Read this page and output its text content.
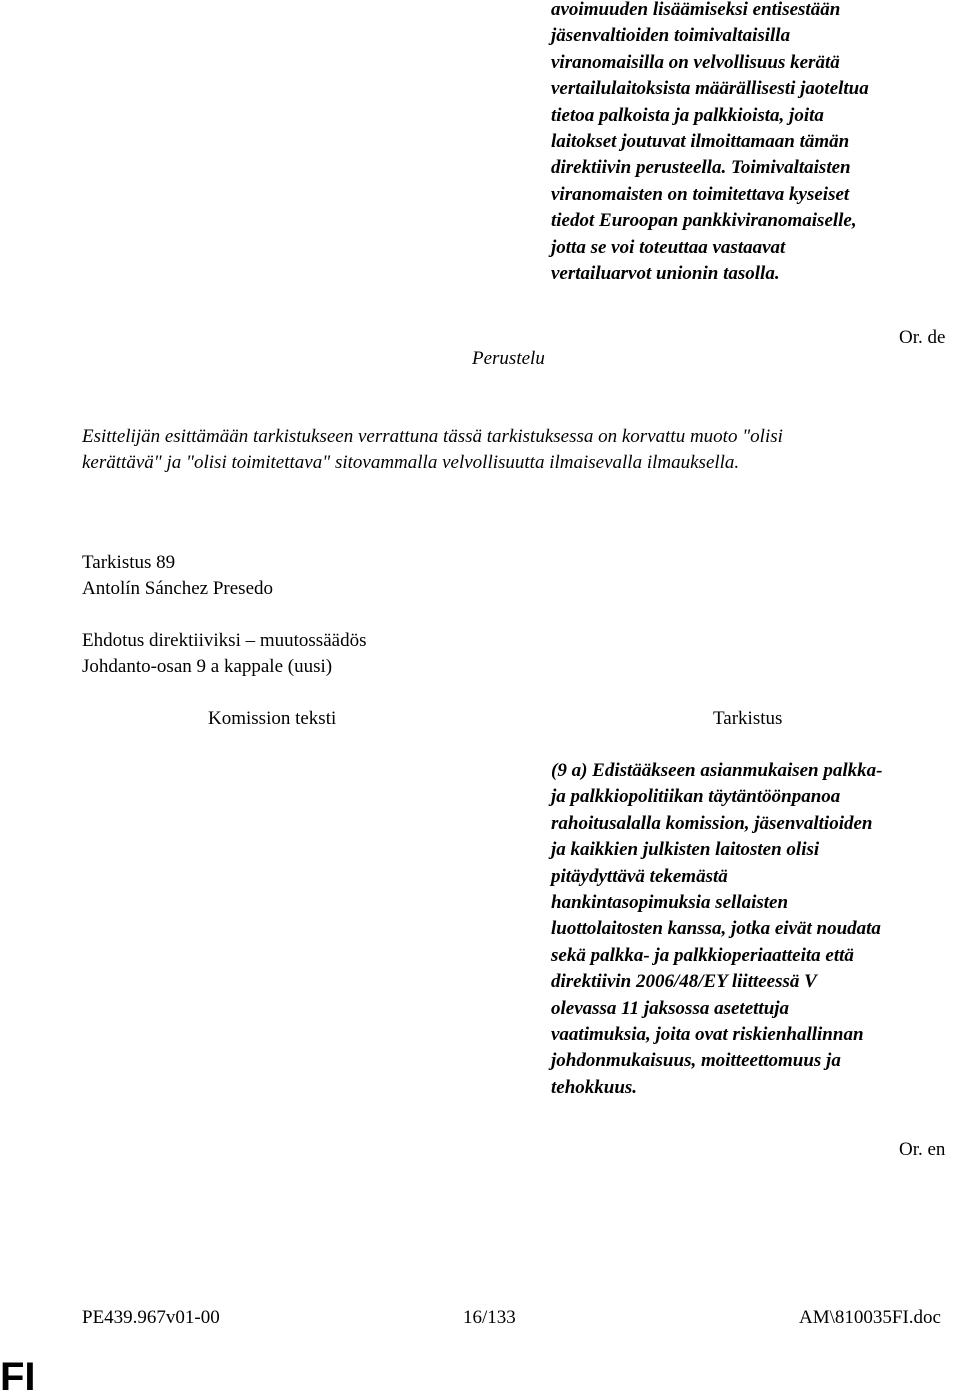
avoimuuden lisäämiseksi entisestään
jäsenvaltioiden toimivaltaisilla
viranomaisilla on velvollisuus kerätä
vertailulaitoksista määrällisesti jaoteltua
tietoa palkoista ja palkkioista, joita
laitokset joutuvat ilmoittamaan tämän
direktiivin perusteella. Toimivaltaisten
viranomaisten on toimitettava kyseiset
tiedot Euroopan pankkiviranomaiselle,
jotta se voi toteuttaa vastaavat
vertailuarvot unionin tasolla.
Or. de
Perustelu
Esittelijän esittämään tarkistukseen verrattuna tässä tarkistuksessa on korvattu muoto "olisi
kerättävä" ja "olisi toimitettava" sitovammalla velvollisuutta ilmaisevalla ilmauksella.
Tarkistus 89
Antolín Sánchez Presedo
Ehdotus direktiiviksi – muutossäädös
Johdanto-osan 9 a kappale (uusi)
Komission teksti	Tarkistus
(9 a) Edistääkseen asianmukaisen palkka-
ja palkkiopolitiikan täytäntöönpanoa
rahoitusalalla komission, jäsenvaltioiden
ja kaikkien julkisten laitosten olisi
pitäydyttävä tekemästä
hankintasopimuksia sellaisten
luottolaitosten kanssa, jotka eivät noudata
sekä palkka- ja palkkioperiaatteita että
direktiivin 2006/48/EY liitteessä V
olevassa 11 jaksossa asetettuja
vaatimuksia, joita ovat riskienhallinnan
johdonmukaisuus, moitteettomuus ja
tehokkuus.
Or. en
PE439.967v01-00	16/133	AM\810035FI.doc
FI
